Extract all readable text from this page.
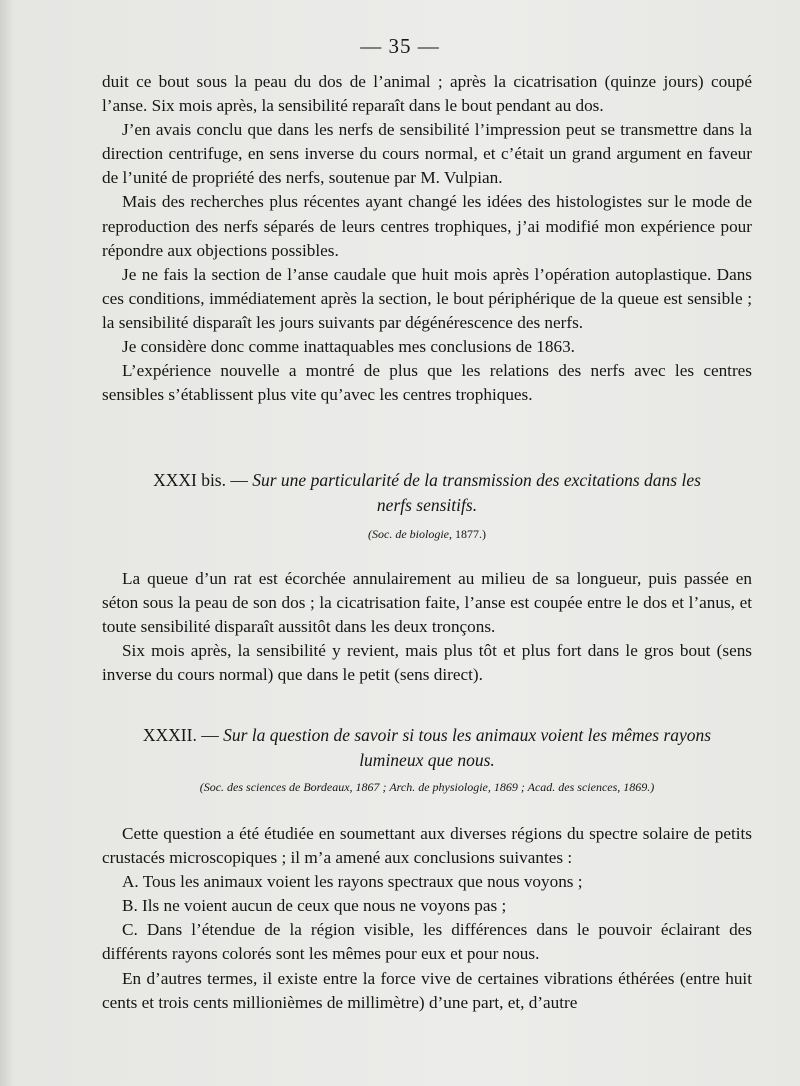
— 35 —

duit ce bout sous la peau du dos de l’animal ; après la cicatrisation (quinze jours) coupé l’anse. Six mois après, la sensibilité reparaît dans le bout pendant au dos.

J’en avais conclu que dans les nerfs de sensibilité l’impression peut se transmettre dans la direction centrifuge, en sens inverse du cours normal, et c’était un grand argument en faveur de l’unité de propriété des nerfs, soutenue par M. Vulpian.

Mais des recherches plus récentes ayant changé les idées des histologistes sur le mode de reproduction des nerfs séparés de leurs centres trophiques, j’ai modifié mon expérience pour répondre aux objections possibles.

Je ne fais la section de l’anse caudale que huit mois après l’opération autoplastique. Dans ces conditions, immédiatement après la section, le bout périphérique de la queue est sensible ; la sensibilité disparaît les jours suivants par dégénérescence des nerfs.

Je considère donc comme inattaquables mes conclusions de 1863.

L’expérience nouvelle a montré de plus que les relations des nerfs avec les centres sensibles s’établissent plus vite qu’avec les centres trophiques.

XXXI bis. — Sur une particularité de la transmission des excitations dans les nerfs sensitifs.
(Soc. de biologie, 1877.)

La queue d’un rat est écorchée annulairement au milieu de sa longueur, puis passée en séton sous la peau de son dos ; la cicatrisation faite, l’anse est coupée entre le dos et l’anus, et toute sensibilité disparaît aussitôt dans les deux tronçons.

Six mois après, la sensibilité y revient, mais plus tôt et plus fort dans le gros bout (sens inverse du cours normal) que dans le petit (sens direct).

XXXII. — Sur la question de savoir si tous les animaux voient les mêmes rayons lumineux que nous.
(Soc. des sciences de Bordeaux, 1867 ; Arch. de physiologie, 1869 ; Acad. des sciences, 1869.)

Cette question a été étudiée en soumettant aux diverses régions du spectre solaire de petits crustacés microscopiques ; il m’a amené aux conclusions suivantes :

A. Tous les animaux voient les rayons spectraux que nous voyons ;

B. Ils ne voient aucun de ceux que nous ne voyons pas ;

C. Dans l’étendue de la région visible, les différences dans le pouvoir éclairant des différents rayons colorés sont les mêmes pour eux et pour nous.

En d’autres termes, il existe entre la force vive de certaines vibrations éthérées (entre huit cents et trois cents millionièmes de millimètre) d’une part, et, d’autre
